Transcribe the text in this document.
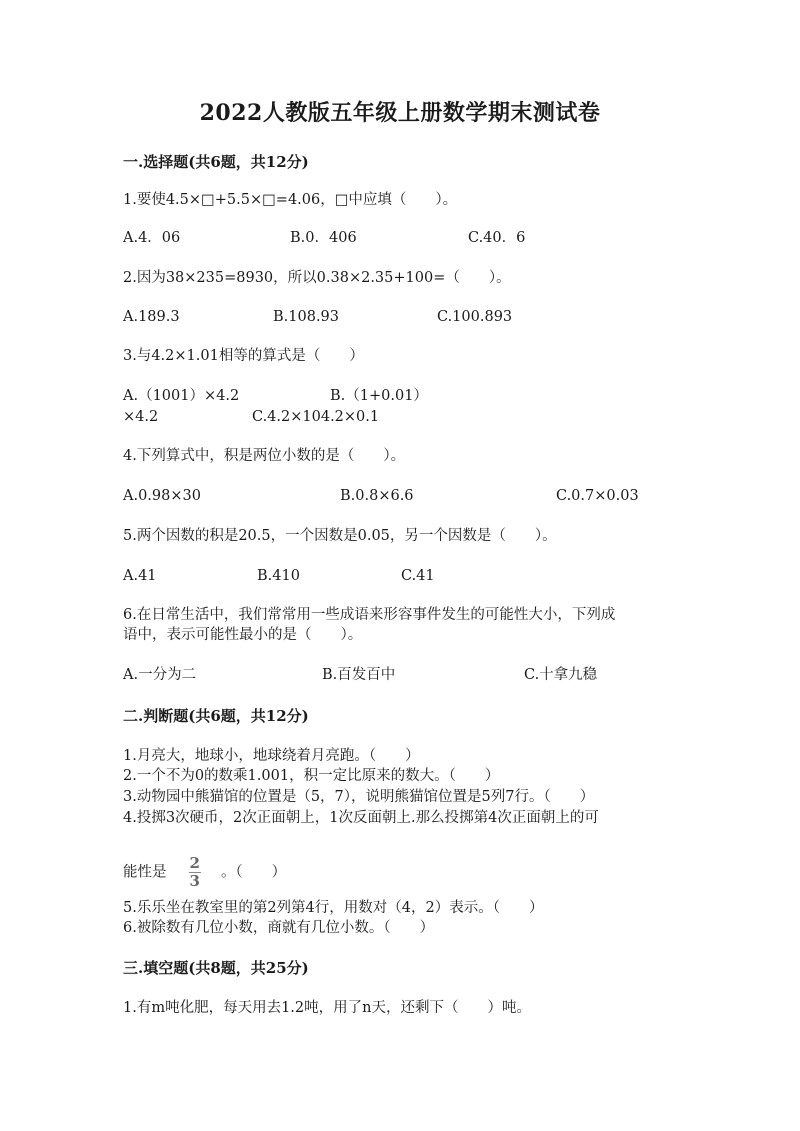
2022人教版五年级上册数学期末测试卷
一.选择题(共6题，共12分)
1.要使4.5×□+5.5×□=4.06，□中应填（　　）。
A.4．06	B.0．406	C.40．6
2.因为38×235=8930，所以0.38×2.35+100=（　　）。
A.189.3	B.108.93	C.100.893
3.与4.2×1.01相等的算式是（　　）
A.（1001）×4.2	B.（1+0.01）
×4.2	C.4.2×104.2×0.1
4.下列算式中，积是两位小数的是（　　）。
A.0.98×30	B.0.8×6.6	C.0.7×0.03
5.两个因数的积是20.5，一个因数是0.05，另一个因数是（　　）。
A.41	B.410	C.41
6.在日常生活中，我们常常用一些成语来形容事件发生的可能性大小，下列成
语中，表示可能性最小的是（　　）。
A.一分为二	B.百发百中	C.十拿九稳
二.判断题(共6题，共12分)
1.月亮大，地球小，地球绕着月亮跑。（　　）
2.一个不为0的数乘1.001，积一定比原来的数大。（　　）
3.动物园中熊猫馆的位置是（5，7），说明熊猫馆位置是5列7行。（　　）
4.投掷3次硬币，2次正面朝上，1次反面朝上.那么投掷第4次正面朝上的可
能性是 $\frac{2}{3}$ 。（　　）
5.乐乐坐在教室里的第2列第4行，用数对（4，2）表示。（　　）
6.被除数有几位小数，商就有几位小数。（　　）
三.填空题(共8题，共25分)
1.有m吨化肥，每天用去1.2吨，用了n天，还剩下（　　）吨。
